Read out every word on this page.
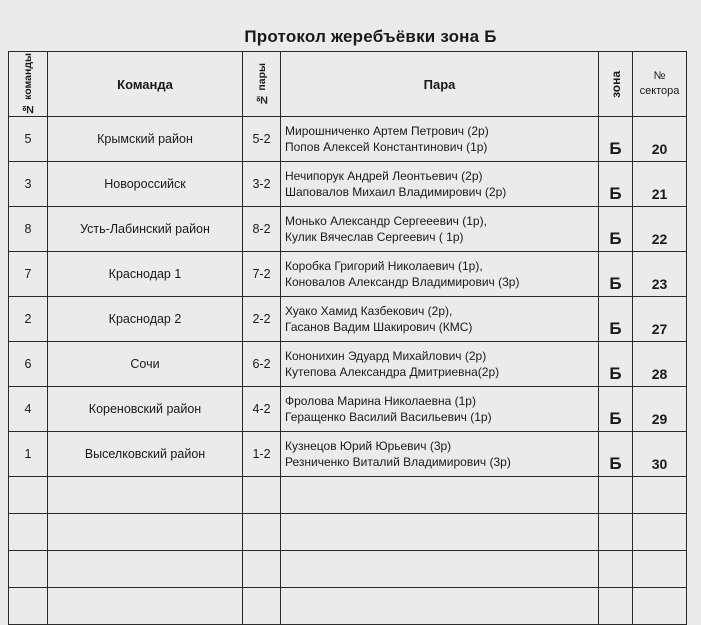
Протокол жеребъёвки зона Б
№ команды	Команда	№ пары	Пара	зона	№
сектора

5	Крымский район	5-2	Мирошниченко Артем Петрович (2р)
Попов Алексей Константинович (1р)	Б	20
3	Новороссийск	3-2	Нечипорук Андрей Леонтьевич (2р)
Шаповалов Михаил Владимирович (2р)	Б	21
8	Усть-Лабинский район	8-2	Монько Александр Сергееевич (1р),
Кулик Вячеслав Сергеевич ( 1р)	Б	22
7	Краснодар 1	7-2	Коробка Григорий Николаевич (1р),
Коновалов Александр Владимирович (3р)	Б	23
2	Краснодар 2	2-2	Хуако Хамид Казбекович (2р),
Гасанов Вадим Шакирович (КМС)	Б	27
6	Сочи	6-2	Кононихин Эдуард Михайлович (2р)
Кутепова Александра Дмитриевна(2р)	Б	28
4	Кореновский район	4-2	Фролова Марина Николаевна (1р)
Геращенко Василий Васильевич (1р)	Б	29
1	Выселковский район	1-2	Кузнецов Юрий Юрьевич (3р)
Резниченко Виталий Владимирович (3р)	Б	30
